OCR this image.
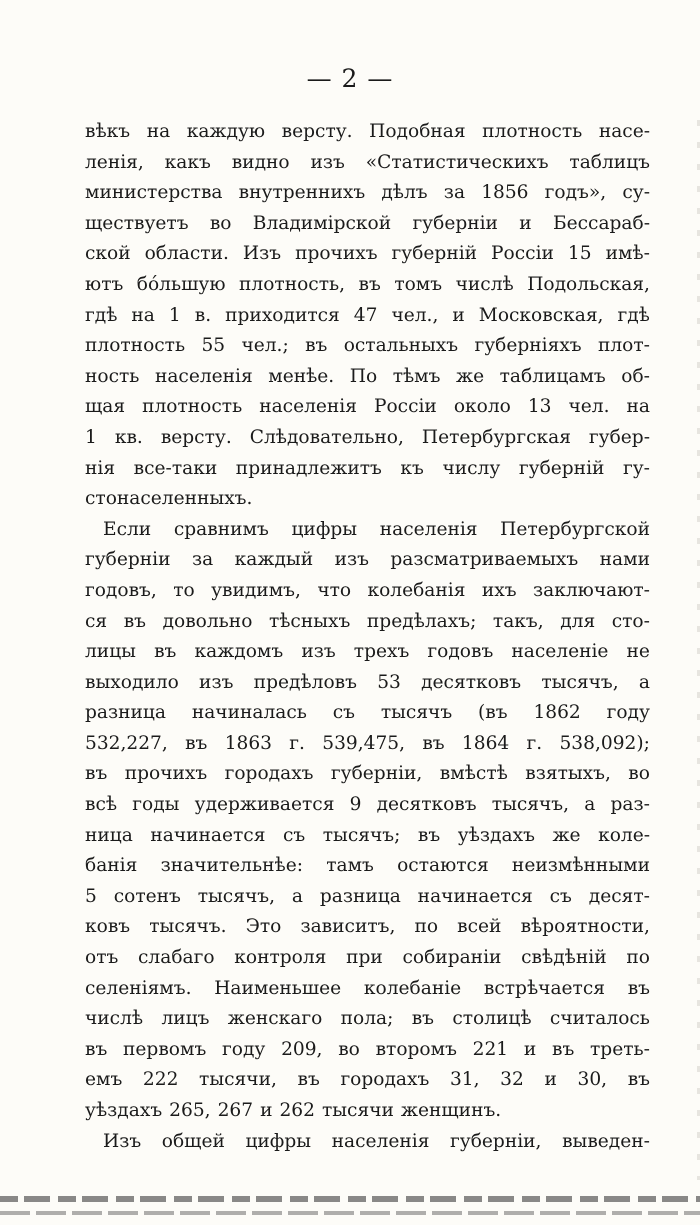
— 2 —
вѣкъ на каждую версту. Подобная плотность насе-
ленія, какъ видно изъ «Статистическихъ таблицъ
министерства внутреннихъ дѣлъ за 1856 годъ», су-
ществуетъ во Владимірской губерніи и Бессараб-
ской области. Изъ прочихъ губерній Россіи 15 имѣ-
ютъ бóльшую плотность, въ томъ числѣ Подольская,
гдѣ на 1 в. приходится 47 чел., и Московская, гдѣ
плотность 55 чел.; въ остальныхъ губерніяхъ плот-
ность населенія менѣе. По тѣмъ же таблицамъ об-
щая плотность населенія Россіи около 13 чел. на
1 кв. версту. Слѣдовательно, Петербургская губер-
нія все-таки принадлежитъ къ числу губерній гу-
стонаселенныхъ.
Если сравнимъ цифры населенія Петербургской
губерніи за каждый изъ разсматриваемыхъ нами
годовъ, то увидимъ, что колебанія ихъ заключают-
ся въ довольно тѣсныхъ предѣлахъ; такъ, для сто-
лицы въ каждомъ изъ трехъ годовъ населеніе не
выходило изъ предѣловъ 53 десятковъ тысячъ, а
разница начиналась съ тысячъ (въ 1862 году
532,227, въ 1863 г. 539,475, въ 1864 г. 538,092);
въ прочихъ городахъ губерніи, вмѣстѣ взятыхъ, во
всѣ годы удерживается 9 десятковъ тысячъ, а раз-
ница начинается съ тысячъ; въ уѣздахъ же коле-
банія значительнѣе: тамъ остаются неизмѣнными
5 сотенъ тысячъ, а разница начинается съ десят-
ковъ тысячъ. Это зависитъ, по всей вѣроятности,
отъ слабаго контроля при собираніи свѣдѣній по
селеніямъ. Наименьшее колебаніе встрѣчается въ
числѣ лицъ женскаго пола; въ столицѣ считалось
въ первомъ году 209, во второмъ 221 и въ треть-
емъ 222 тысячи, въ городахъ 31, 32 и 30, въ
уѣздахъ 265, 267 и 262 тысячи женщинъ.
Изъ общей цифры населенія губерніи, выведен-
